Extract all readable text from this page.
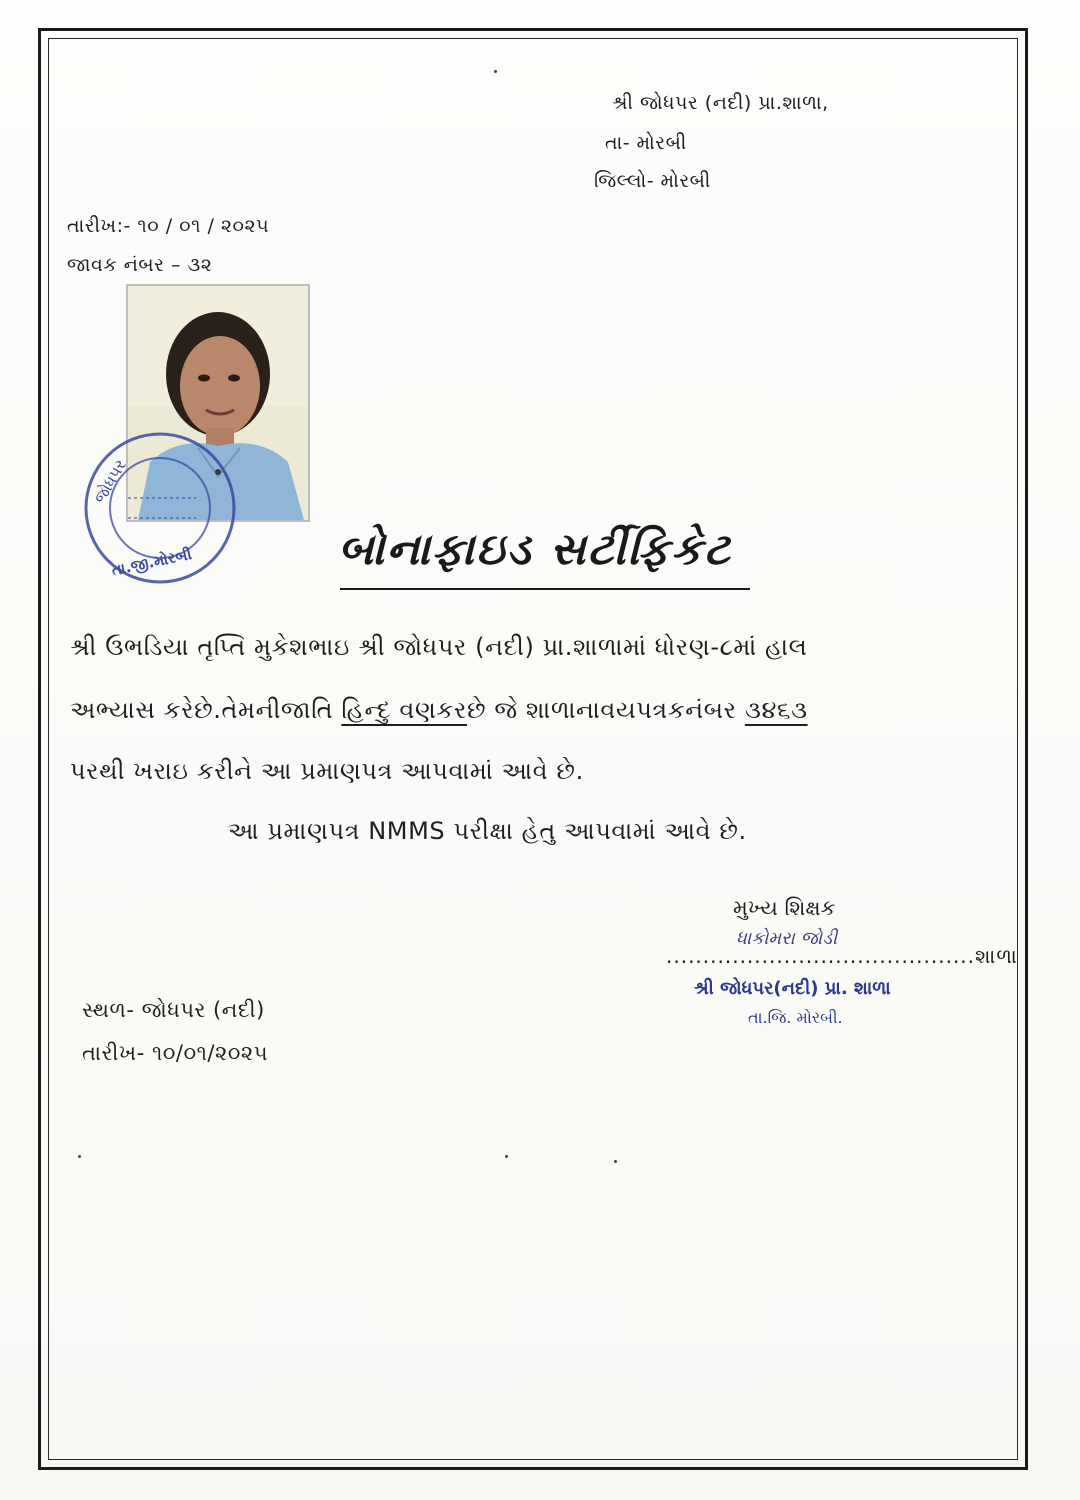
શ્રી જોધપર (નદી) પ્રા.શાળા,
તા- મોરબી
જિલ્લો- મોરબી
તારીખ:- ૧૦ / ૦૧ / ૨૦૨૫
જાવક નંબર – ૩૨
જોધપર
તા.જી.મોરબી	બોનાફાઇડ સર્ટીફિકેટ
શ્રી ઉભડિયા તૃપ્તિ મુકેશભાઇ શ્રી જોધપર (નદી) પ્રા.શાળામાં ધોરણ-૮માં હાલ
અભ્યાસ કરેછે.તેમનીજાતિ હિન્દુ વણકરછે જે શાળાનાવયપત્રકનંબર ૩૪૬૩
પરથી ખરાઇ કરીને આ પ્રમાણપત્ર આપવામાં આવે છે.
આ પ્રમાણપત્ર NMMS પરીક્ષા હેતુ આપવામાં આવે છે.
મુખ્ય શિક્ષક
ધાકોમરા જોડી
..........................................શાળા
શ્રી જોધપર(નદી) પ્રા. શાળા
તા.જિ. મોરબી.
સ્થળ- જોધપર (નદી)
તારીખ- ૧૦/૦૧/૨૦૨૫
